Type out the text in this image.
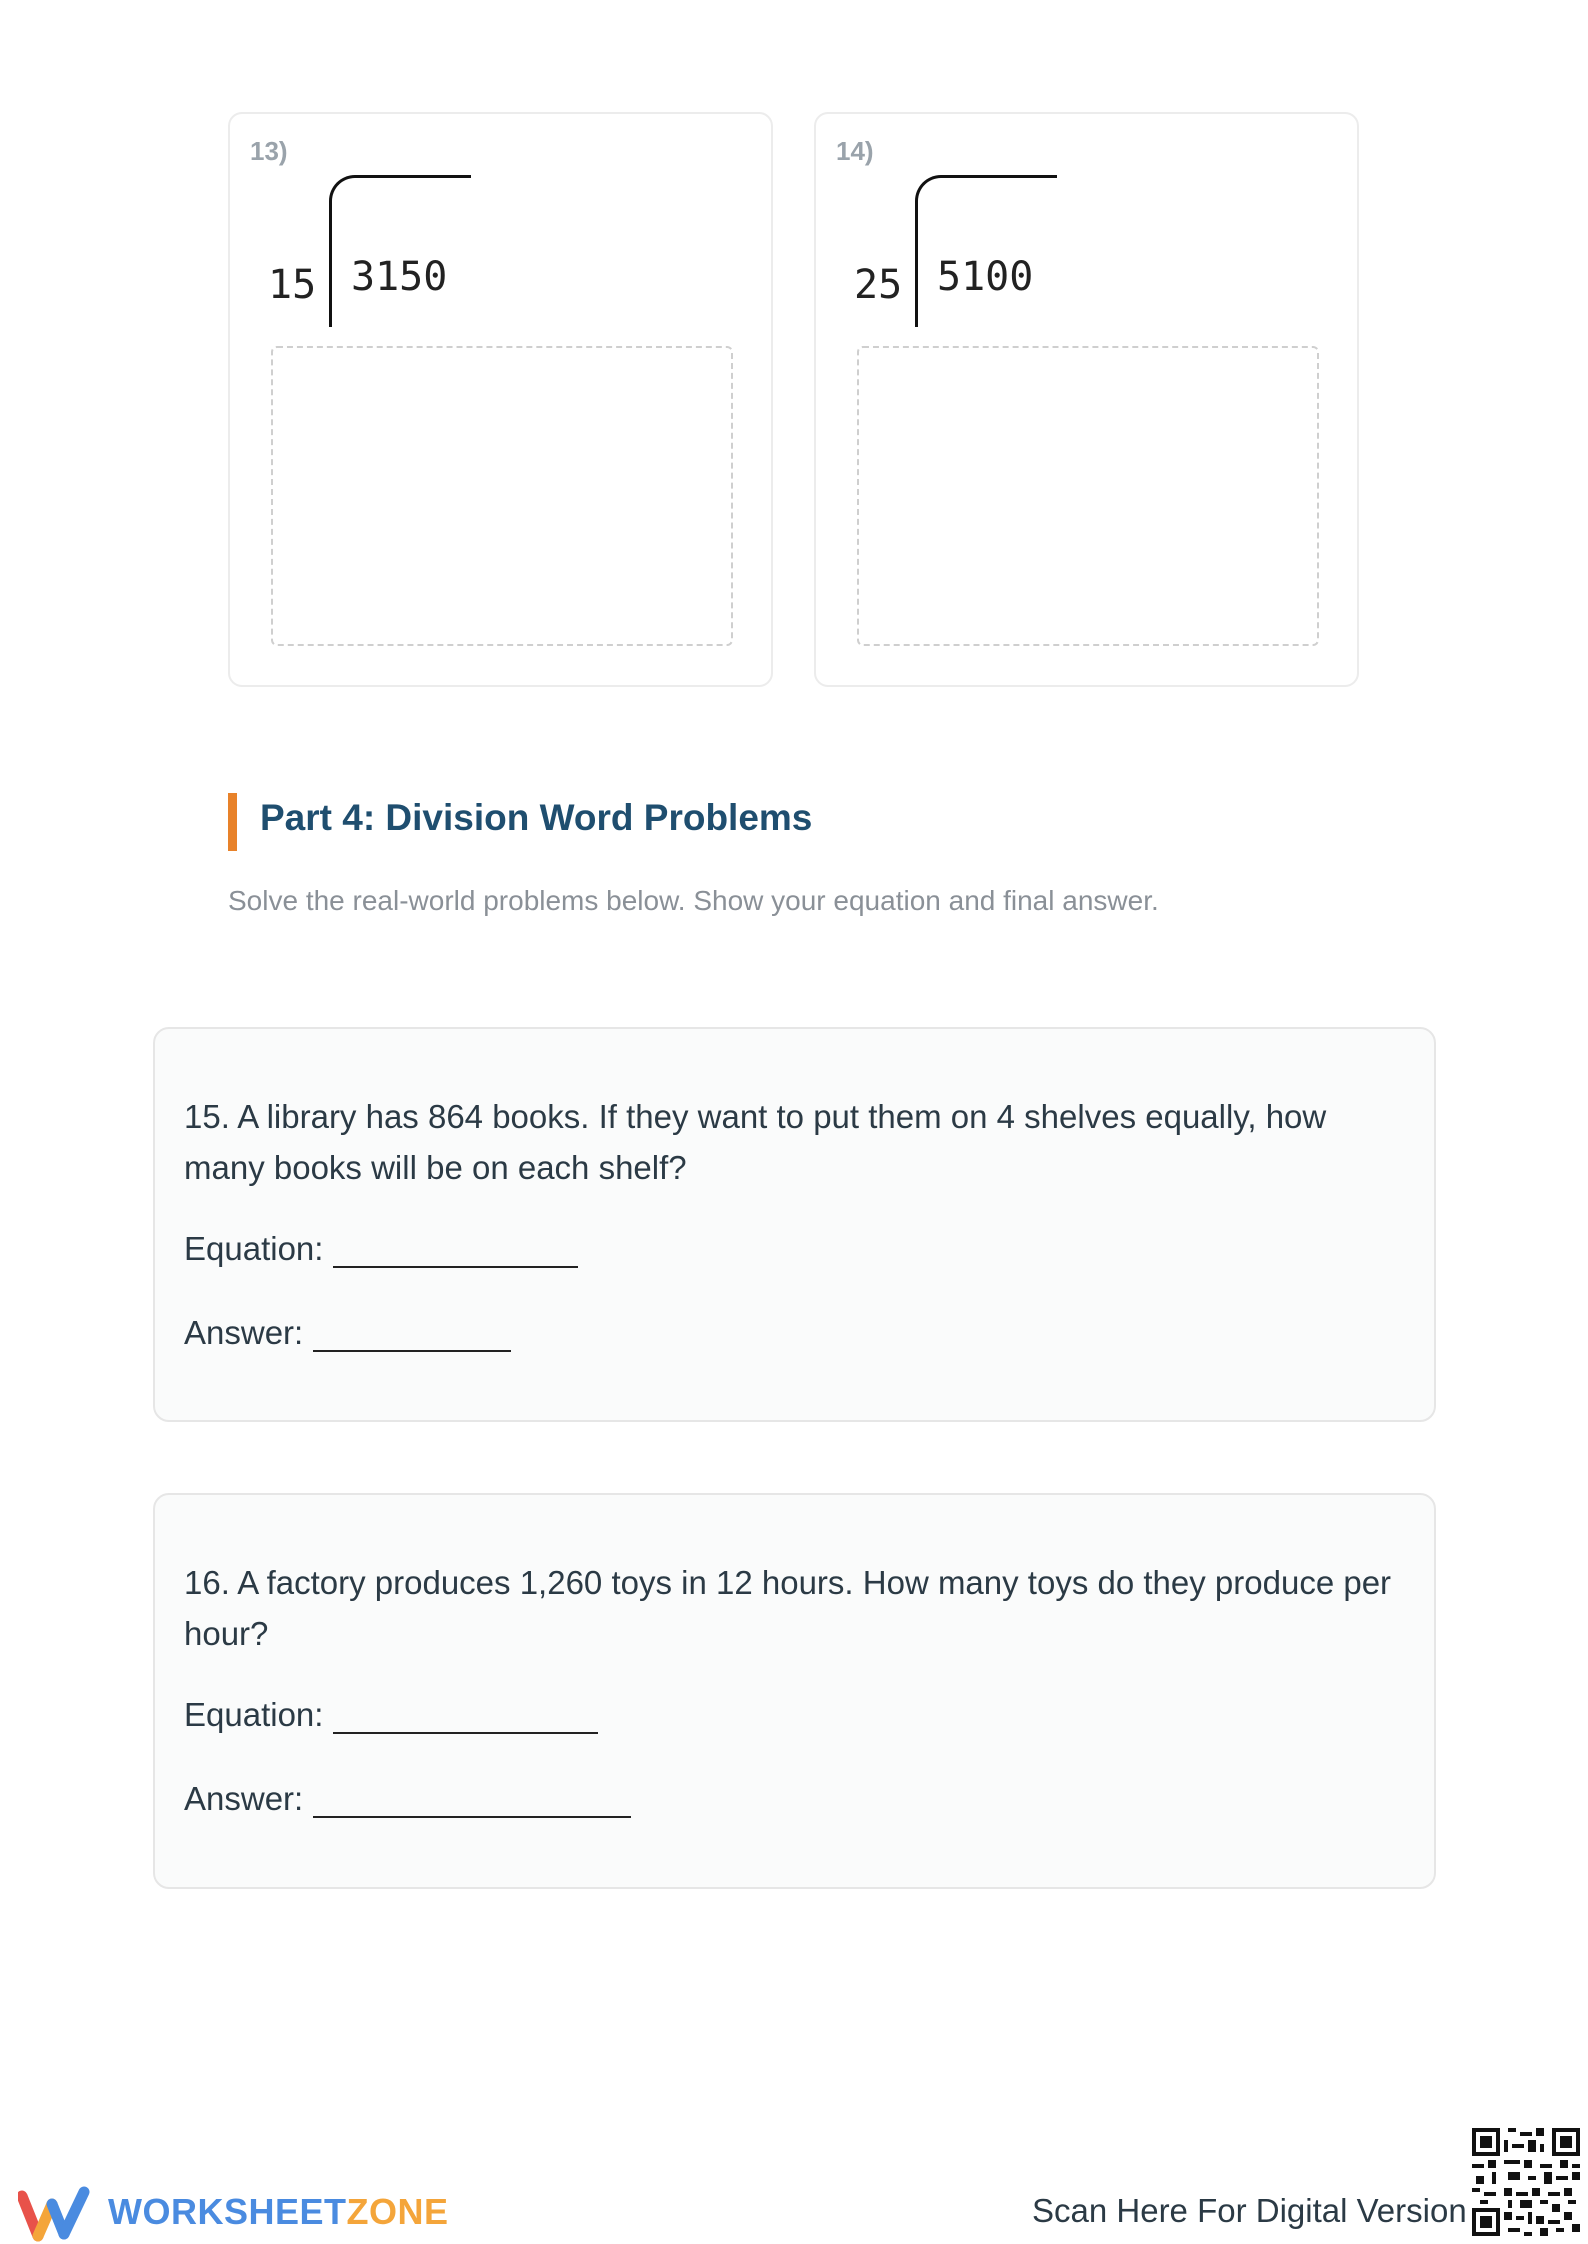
13)
15 3150
14)
25 5100
Part 4: Division Word Problems
Solve the real-world problems below. Show your equation and final answer.
15. A library has 864 books. If they want to put them on 4 shelves equally, how many books will be on each shelf?
Equation:
Answer:
16. A factory produces 1,260 toys in 12 hours. How many toys do they produce per hour?
Equation:
Answer:
WORKSHEETZONE	Scan Here For Digital Version
